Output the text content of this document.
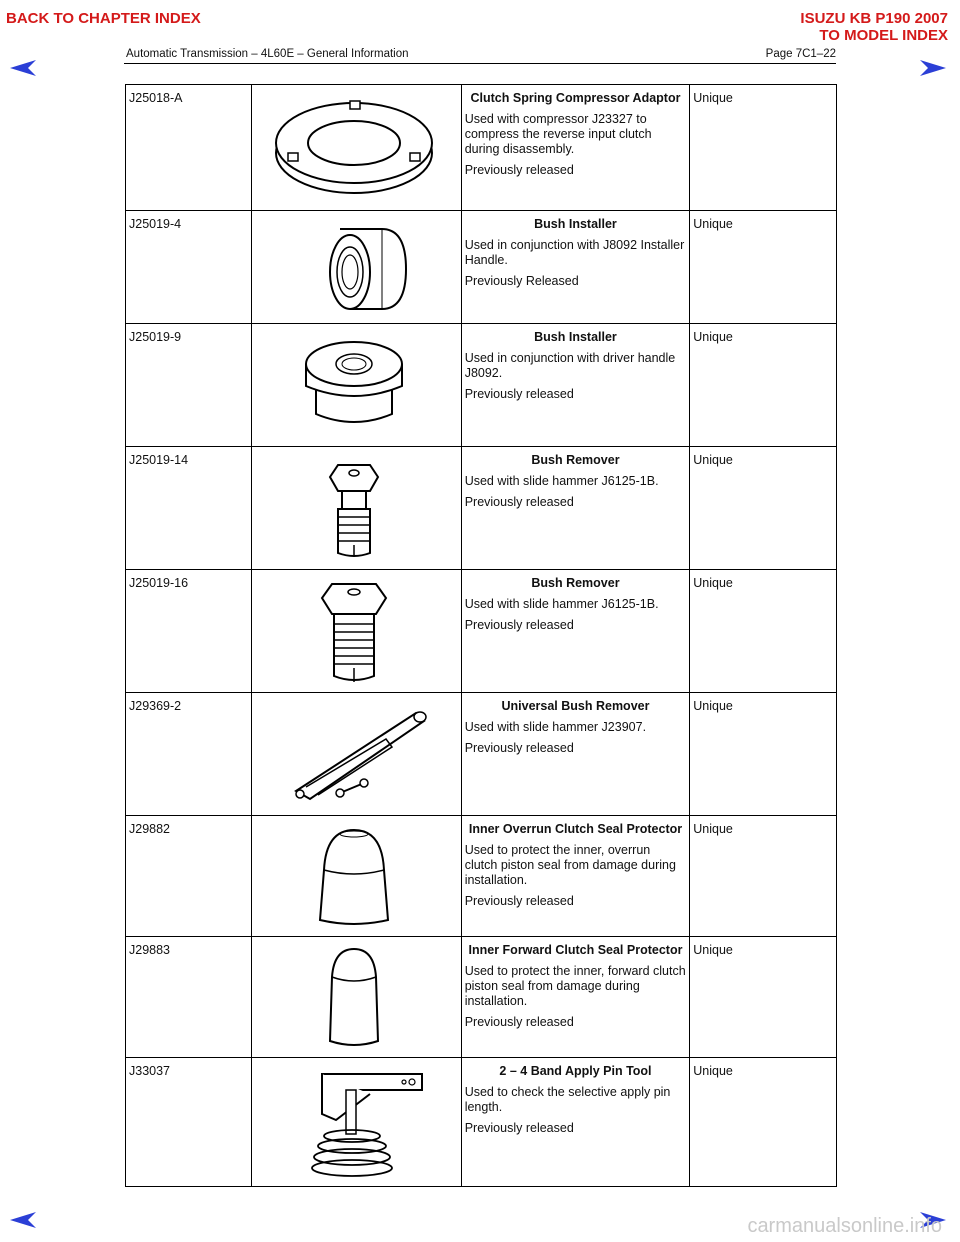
BACK TO CHAPTER INDEX	ISUZU KB P190 2007
TO MODEL INDEX
Automatic Transmission – 4L60E – General Information	Page 7C1–22
J25018-A		Clutch Spring Compressor Adaptor

Used with compressor J23327 to compress the reverse input clutch during disassembly.

Previously released	Unique
J25019-4		Bush Installer

Used in conjunction with J8092 Installer Handle.

Previously Released	Unique
J25019-9		Bush Installer

Used in conjunction with driver handle J8092.

Previously released	Unique
J25019-14		Bush Remover

Used with slide hammer J6125-1B.

Previously released	Unique
J25019-16		Bush Remover

Used with slide hammer J6125-1B.

Previously released	Unique
J29369-2		Universal Bush Remover

Used with slide hammer J23907.

Previously released	Unique
J29882		Inner Overrun Clutch Seal Protector

Used to protect the inner, overrun clutch piston seal from damage during installation.

Previously released	Unique
J29883		Inner Forward Clutch Seal Protector

Used to protect the inner, forward clutch piston seal from damage during installation.

Previously released	Unique
J33037		2 – 4 Band Apply Pin Tool

Used to check the selective apply pin length.

Previously released	Unique
carmanualsonline.info
